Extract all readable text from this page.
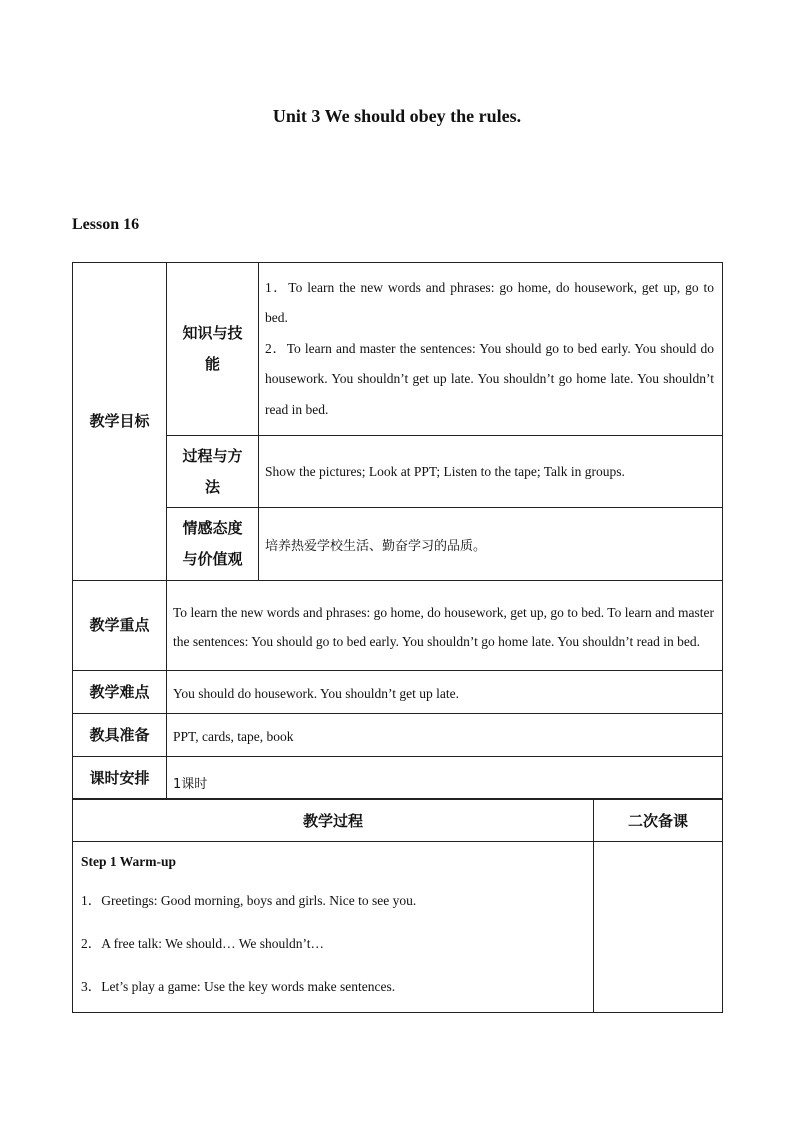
Unit 3 We should obey the rules.
Lesson 16
教学目标	知识与技能	1．To learn the new words and phrases: go home, do housework, get up, go to bed.
2．To learn and master the sentences: You should go to bed early. You should do housework. You shouldn’t get up late. You shouldn’t go home late. You shouldn’t read in bed.

	过程与方法	Show the pictures; Look at PPT; Listen to the tape; Talk in groups.
	情感态度与价值观	培养热爱学校生活、勤奋学习的品质。
教学重点	To learn the new words and phrases: go home, do housework, get up, go to bed. To learn and master the sentences: You should go to bed early. You shouldn’t go home late. You shouldn’t read in bed.	
教学难点	You should do housework. You shouldn’t get up late.	
教具准备	PPT, cards, tape, book	
课时安排	1课时	
教学过程	二次备课

Step 1 Warm-up
1．Greetings: Good morning, boys and girls. Nice to see you.
2．A free talk: We should… We shouldn’t…
3．Let’s play a game: Use the key words make sentences.	
